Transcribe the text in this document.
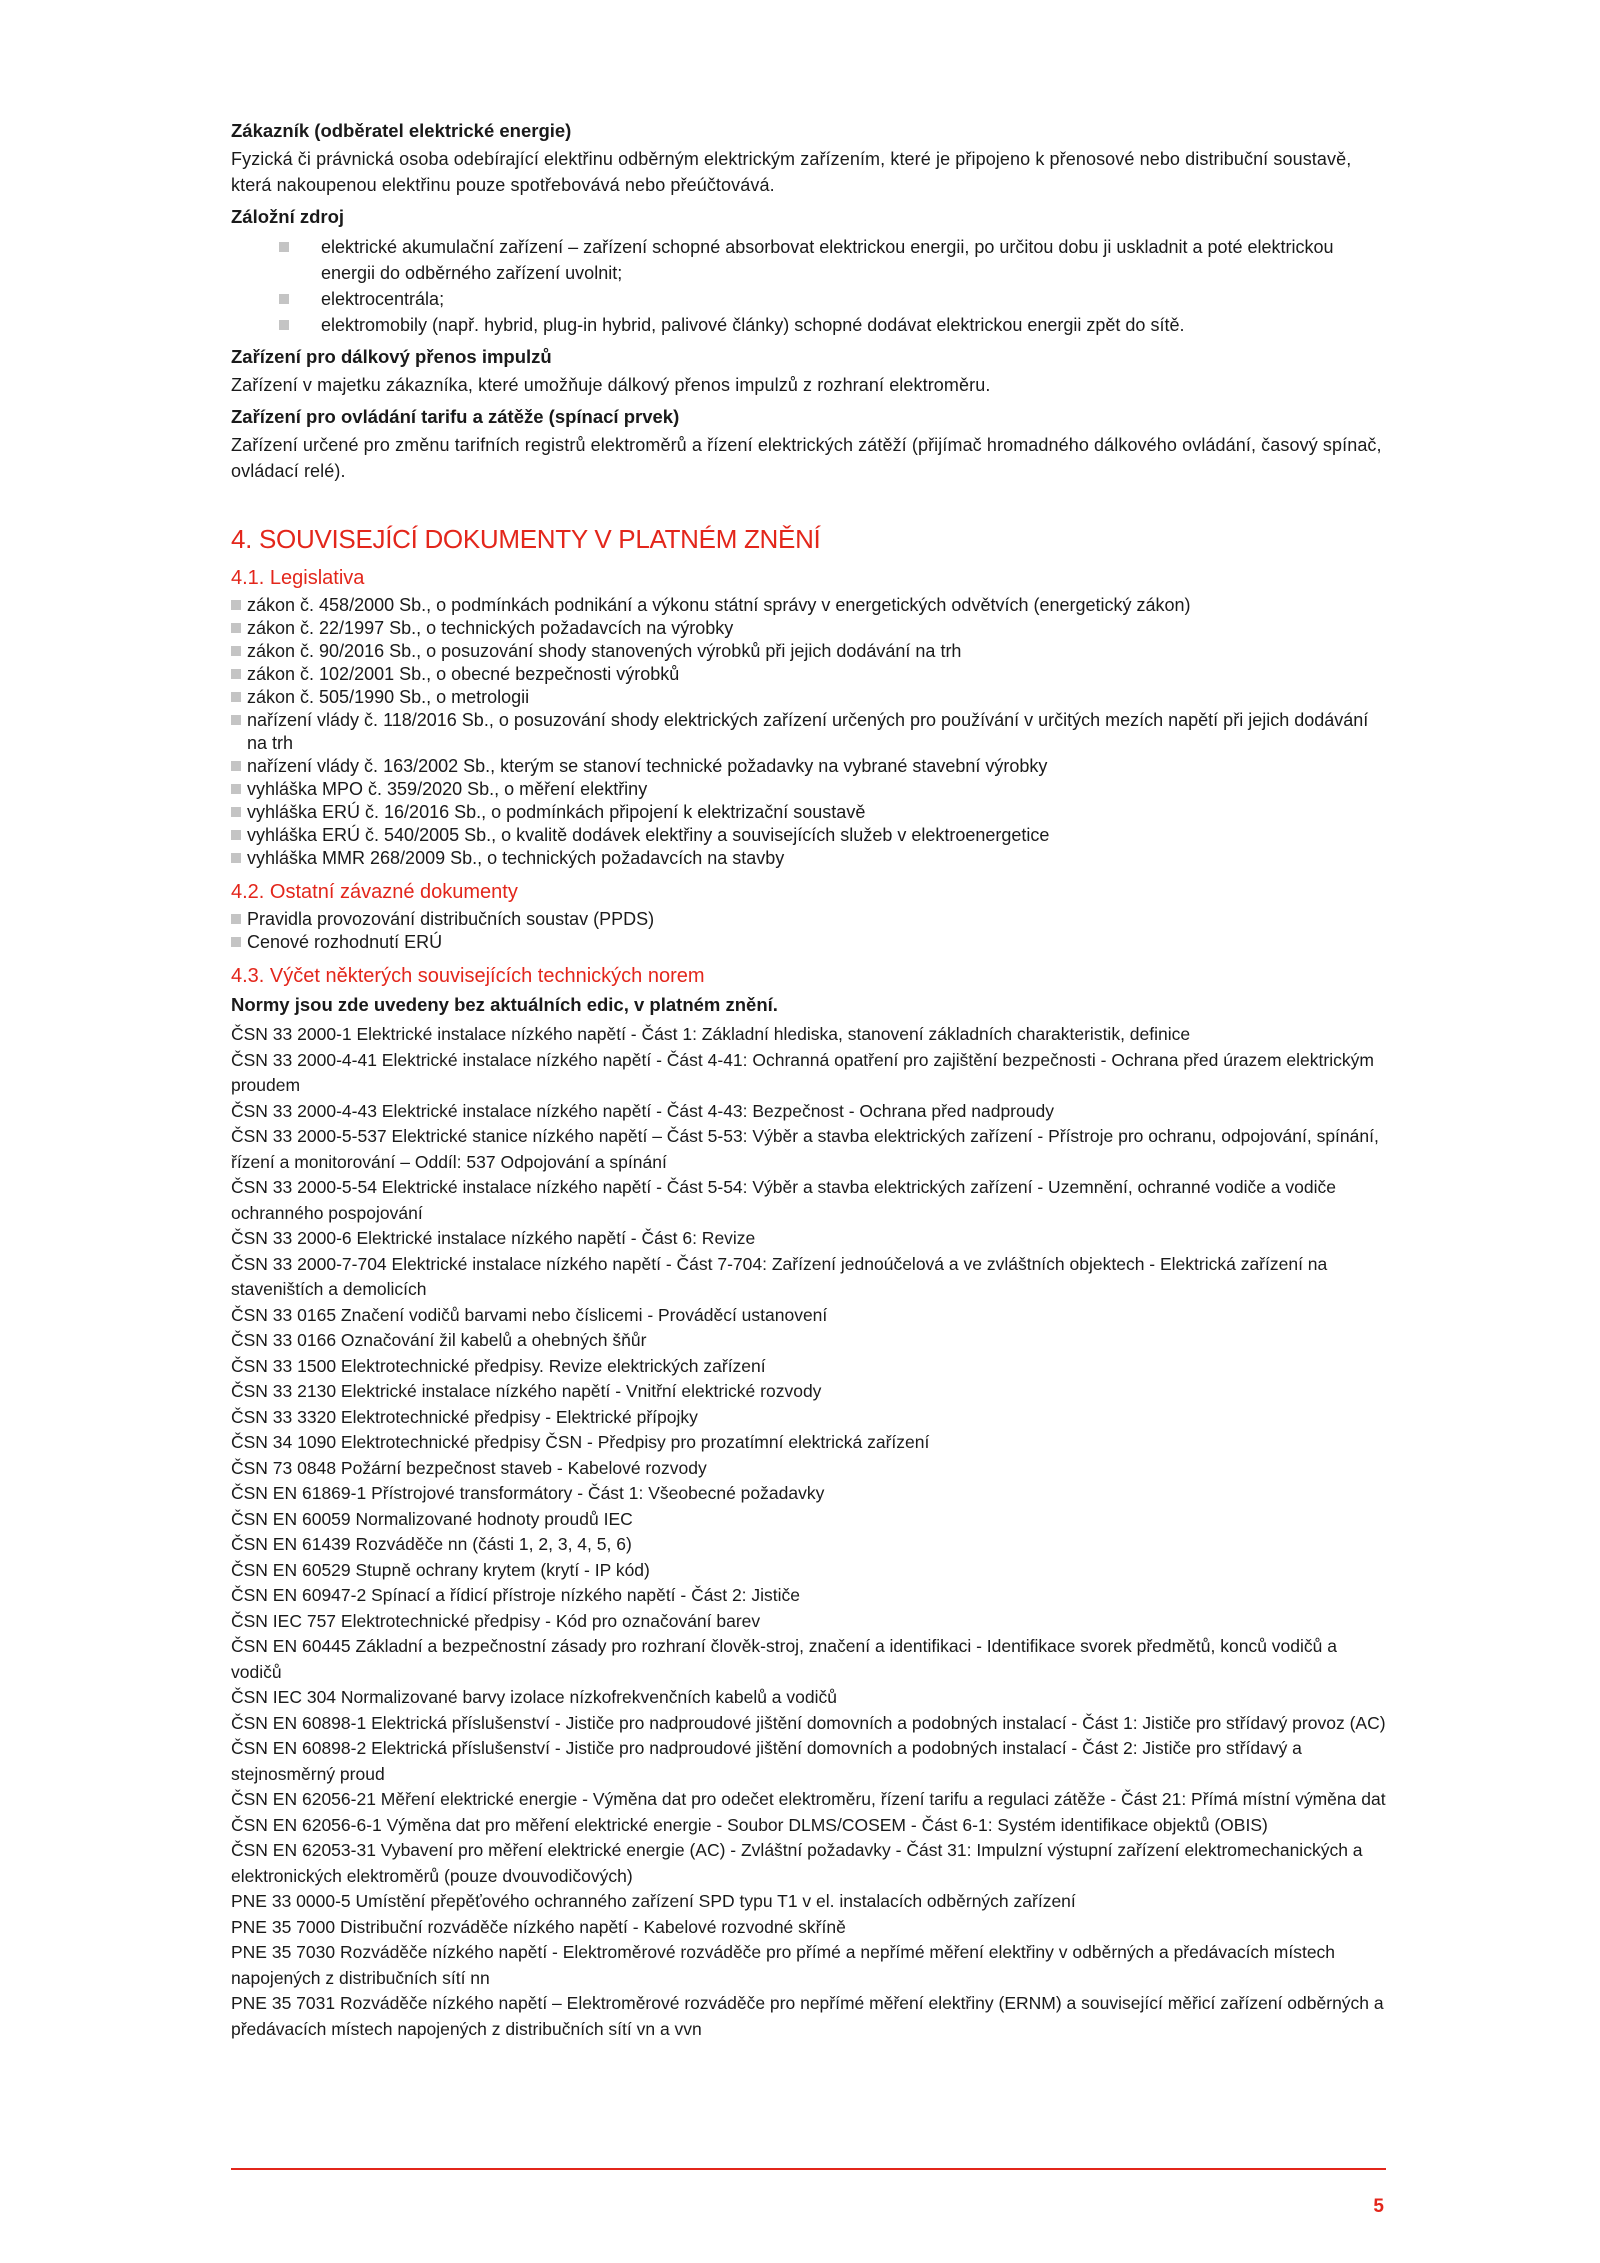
Zákazník (odběratel elektrické energie)
Fyzická či právnická osoba odebírající elektřinu odběrným elektrickým zařízením, které je připojeno k přenosové nebo distribuční soustavě, která nakoupenou elektřinu pouze spotřebovává nebo přeúčtovává.
Záložní zdroj
elektrické akumulační zařízení – zařízení schopné absorbovat elektrickou energii, po určitou dobu ji uskladnit a poté elektrickou energii do odběrného zařízení uvolnit;
elektrocentrála;
elektromobily (např. hybrid, plug-in hybrid, palivové články) schopné dodávat elektrickou energii zpět do sítě.
Zařízení pro dálkový přenos impulzů
Zařízení v majetku zákazníka, které umožňuje dálkový přenos impulzů z rozhraní elektroměru.
Zařízení pro ovládání tarifu a zátěže (spínací prvek)
Zařízení určené pro změnu tarifních registrů elektroměrů a řízení elektrických zátěží (přijímač hromadného dálkového ovládání, časový spínač, ovládací relé).
4. SOUVISEJÍCÍ DOKUMENTY V PLATNÉM ZNĚNÍ
4.1. Legislativa
zákon č. 458/2000 Sb., o podmínkách podnikání a výkonu státní správy v energetických odvětvích (energetický zákon)
zákon č. 22/1997 Sb., o technických požadavcích na výrobky
zákon č. 90/2016 Sb., o posuzování shody stanovených výrobků při jejich dodávání na trh
zákon č. 102/2001 Sb., o obecné bezpečnosti výrobků
zákon č. 505/1990 Sb., o metrologii
nařízení vlády č. 118/2016 Sb., o posuzování shody elektrických zařízení určených pro používání v určitých mezích napětí při jejich dodávání na trh
nařízení vlády č. 163/2002 Sb., kterým se stanoví technické požadavky na vybrané stavební výrobky
vyhláška MPO č. 359/2020 Sb., o měření elektřiny
vyhláška ERÚ č. 16/2016 Sb., o podmínkách připojení k elektrizační soustavě
vyhláška ERÚ č. 540/2005 Sb., o kvalitě dodávek elektřiny a souvisejících služeb v elektroenergetice
vyhláška MMR 268/2009 Sb., o technických požadavcích na stavby
4.2. Ostatní závazné dokumenty
Pravidla provozování distribučních soustav (PPDS)
Cenové rozhodnutí ERÚ
4.3. Výčet některých souvisejících technických norem
Normy jsou zde uvedeny bez aktuálních edic, v platném znění.
ČSN 33 2000-1 Elektrické instalace nízkého napětí - Část 1: Základní hlediska, stanovení základních charakteristik, definice
ČSN 33 2000-4-41 Elektrické instalace nízkého napětí - Část 4-41: Ochranná opatření pro zajištění bezpečnosti - Ochrana před úrazem elektrickým proudem
ČSN 33 2000-4-43 Elektrické instalace nízkého napětí - Část 4-43: Bezpečnost - Ochrana před nadproudy
ČSN 33 2000-5-537 Elektrické stanice nízkého napětí – Část 5-53: Výběr a stavba elektrických zařízení - Přístroje pro ochranu, odpojování, spínání, řízení a monitorování – Oddíl: 537 Odpojování a spínání
ČSN 33 2000-5-54 Elektrické instalace nízkého napětí - Část 5-54: Výběr a stavba elektrických zařízení - Uzemnění, ochranné vodiče a vodiče ochranného pospojování
ČSN 33 2000-6 Elektrické instalace nízkého napětí - Část 6: Revize
ČSN 33 2000-7-704 Elektrické instalace nízkého napětí - Část 7-704: Zařízení jednoúčelová a ve zvláštních objektech - Elektrická zařízení na staveništích a demolicích
ČSN 33 0165 Značení vodičů barvami nebo číslicemi - Prováděcí ustanovení
ČSN 33 0166 Označování žil kabelů a ohebných šňůr
ČSN 33 1500 Elektrotechnické předpisy. Revize elektrických zařízení
ČSN 33 2130 Elektrické instalace nízkého napětí - Vnitřní elektrické rozvody
ČSN 33 3320 Elektrotechnické předpisy - Elektrické přípojky
ČSN 34 1090 Elektrotechnické předpisy ČSN - Předpisy pro prozatímní elektrická zařízení
ČSN 73 0848 Požární bezpečnost staveb - Kabelové rozvody
ČSN EN 61869-1 Přístrojové transformátory - Část 1: Všeobecné požadavky
ČSN EN 60059 Normalizované hodnoty proudů IEC
ČSN EN 61439 Rozváděče nn (části 1, 2, 3, 4, 5, 6)
ČSN EN 60529 Stupně ochrany krytem (krytí - IP kód)
ČSN EN 60947-2 Spínací a řídicí přístroje nízkého napětí - Část 2: Jističe
ČSN IEC 757 Elektrotechnické předpisy - Kód pro označování barev
ČSN EN 60445 Základní a bezpečnostní zásady pro rozhraní člověk-stroj, značení a identifikaci - Identifikace svorek předmětů, konců vodičů a vodičů
ČSN IEC 304 Normalizované barvy izolace nízkofrekvenčních kabelů a vodičů
ČSN EN 60898-1 Elektrická příslušenství - Jističe pro nadproudové jištění domovních a podobných instalací - Část 1: Jističe pro střídavý provoz (AC)
ČSN EN 60898-2 Elektrická příslušenství - Jističe pro nadproudové jištění domovních a podobných instalací - Část 2: Jističe pro střídavý a stejnosměrný proud
ČSN EN 62056-21 Měření elektrické energie - Výměna dat pro odečet elektroměru, řízení tarifu a regulaci zátěže - Část 21: Přímá místní výměna dat
ČSN EN 62056-6-1 Výměna dat pro měření elektrické energie - Soubor DLMS/COSEM - Část 6-1: Systém identifikace objektů (OBIS)
ČSN EN 62053-31 Vybavení pro měření elektrické energie (AC) - Zvláštní požadavky - Část 31: Impulzní výstupní zařízení elektromechanických a elektronických elektroměrů (pouze dvouvodičových)
PNE 33 0000-5 Umístění přepěťového ochranného zařízení SPD typu T1 v el. instalacích odběrných zařízení
PNE 35 7000 Distribuční rozváděče nízkého napětí - Kabelové rozvodné skříně
PNE 35 7030 Rozváděče nízkého napětí - Elektroměrové rozváděče pro přímé a nepřímé měření elektřiny v odběrných a předávacích místech napojených z distribučních sítí nn
PNE 35 7031 Rozváděče nízkého napětí – Elektroměrové rozváděče pro nepřímé měření elektřiny (ERNM) a související měřicí zařízení odběrných a předávacích místech napojených z distribučních sítí vn a vvn
5
